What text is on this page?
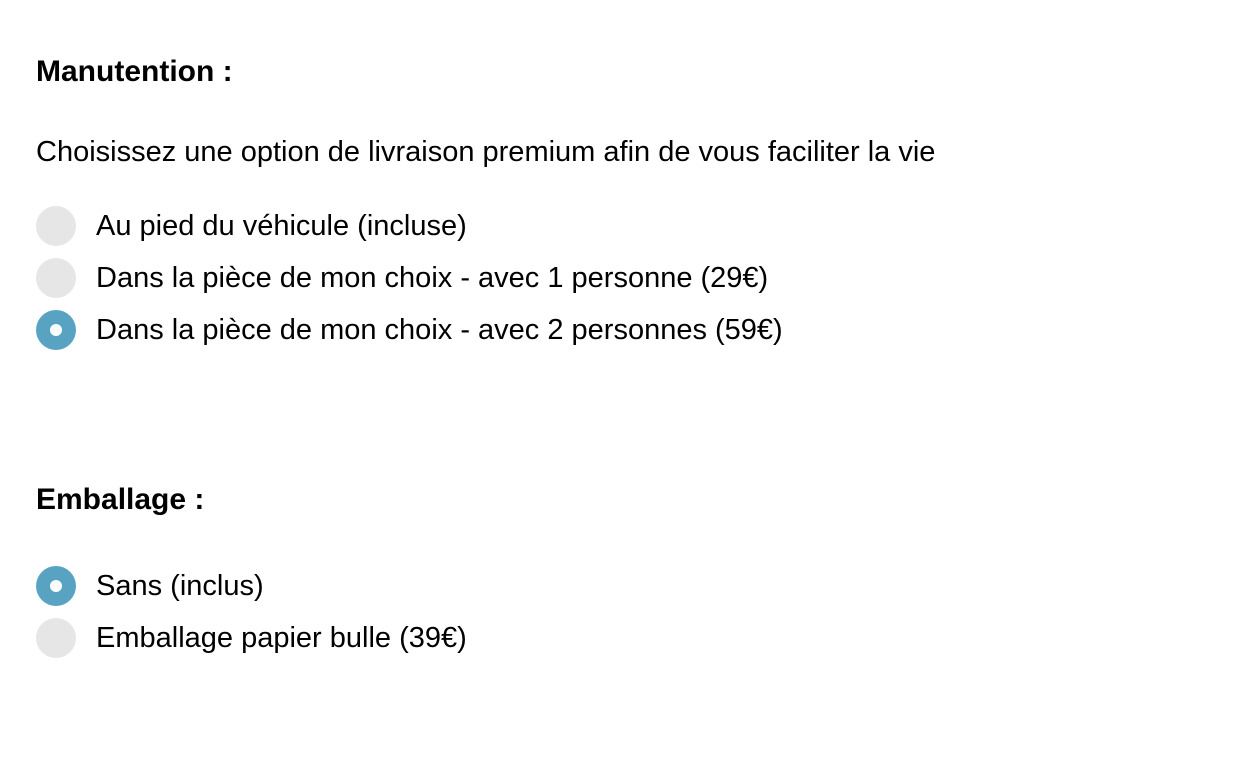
Manutention :
Choisissez une option de livraison premium afin de vous faciliter la vie
Au pied du véhicule (incluse)
Dans la pièce de mon choix - avec 1 personne (29€)
Dans la pièce de mon choix - avec 2 personnes (59€)
Emballage :
Sans (inclus)
Emballage papier bulle (39€)
